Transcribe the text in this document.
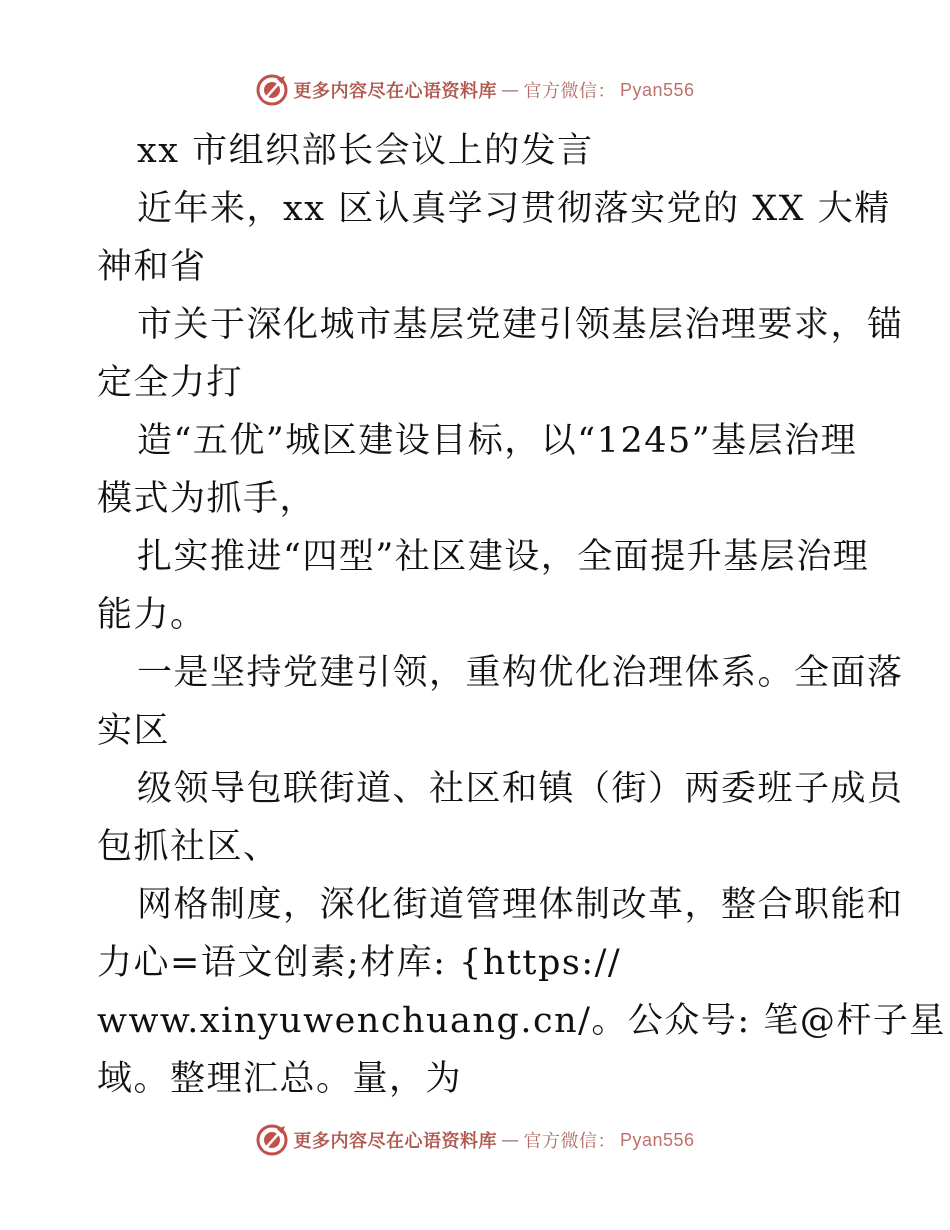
更多内容尽在心语资料库 — 官方微信： Pyan556
xx 市组织部长会议上的发言
近年来，xx 区认真学习贯彻落实党的 XX 大精
神和省
市关于深化城市基层党建引领基层治理要求，锚
定全力打
造“五优”城区建设目标，以“1245”基层治理
模式为抓手，
扎实推进“四型”社区建设，全面提升基层治理
能力。
一是坚持党建引领，重构优化治理体系。全面落
实区
级领导包联街道、社区和镇（街）两委班子成员
包抓社区、
网格制度，深化街道管理体制改革，整合职能和
力心=语文创素;材库: {https://
www.xinyuwenchuang.cn/。公众号: 笔@杆子星
域。整理汇总。量，为
更多内容尽在心语资料库 — 官方微信： Pyan556
